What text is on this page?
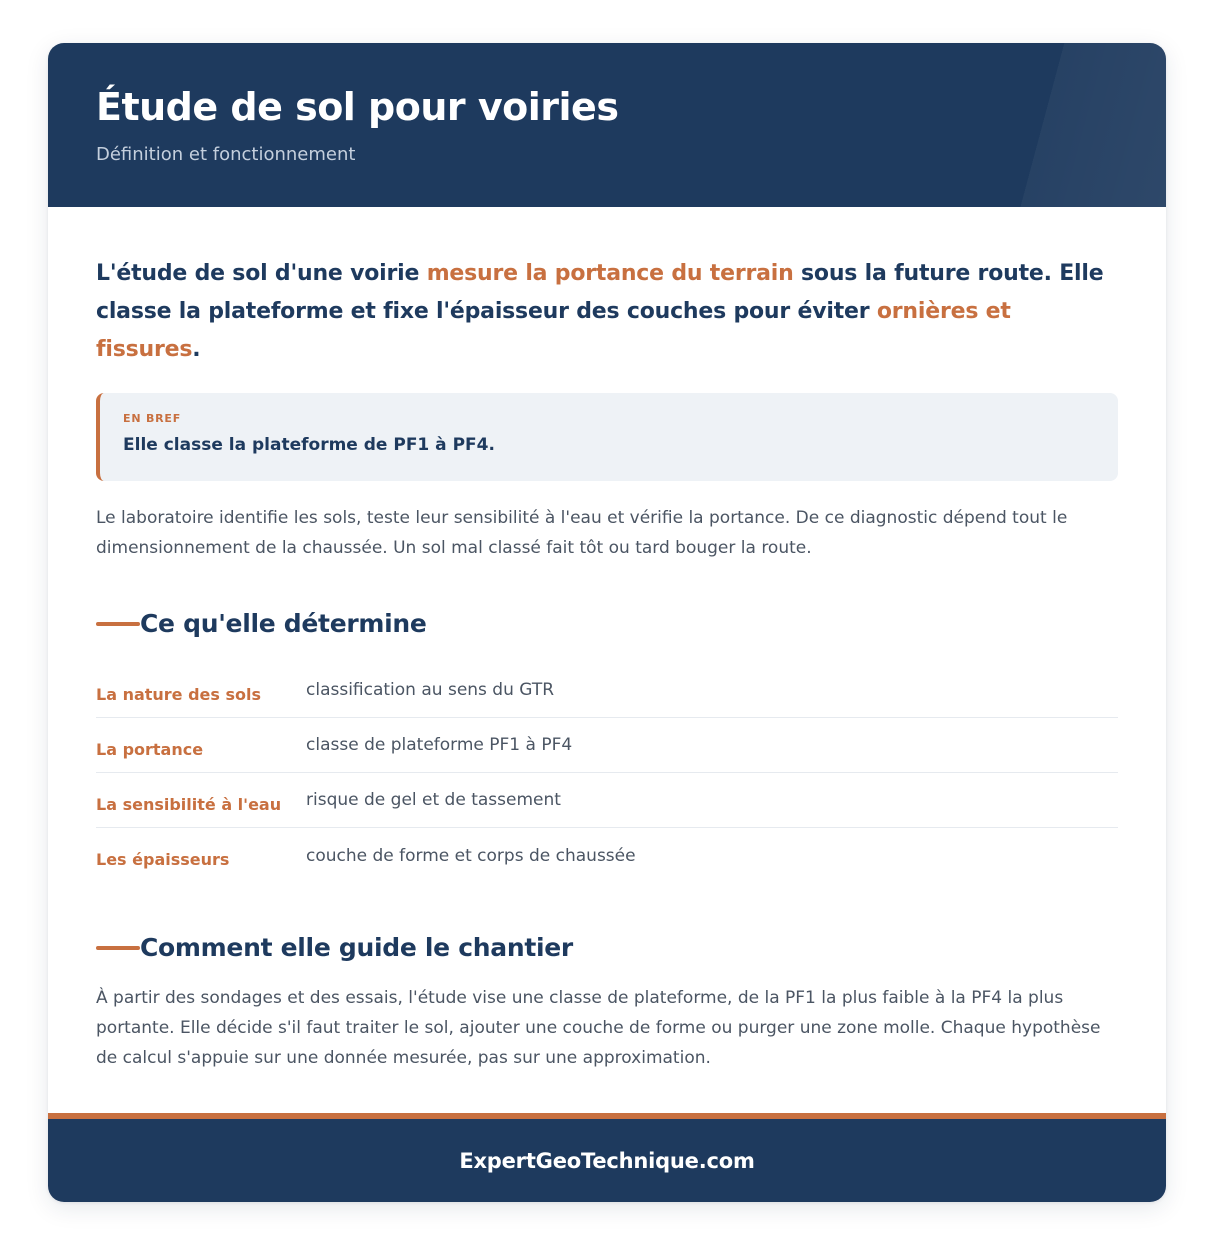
Étude de sol pour voiries
Définition et fonctionnement

L'étude de sol d'une voirie mesure la portance du terrain sous la future route. Elle classe la plateforme et fixe l'épaisseur des couches pour éviter ornières et fissures.

EN BREF
Elle classe la plateforme de PF1 à PF4.

Le laboratoire identifie les sols, teste leur sensibilité à l'eau et vérifie la portance. De ce diagnostic dépend tout le dimensionnement de la chaussée. Un sol mal classé fait tôt ou tard bouger la route.

Ce qu'elle détermine
La nature des sols	classification au sens du GTR
La portance	classe de plateforme PF1 à PF4
La sensibilité à l'eau	risque de gel et de tassement
Les épaisseurs	couche de forme et corps de chaussée
Comment elle guide le chantier

À partir des sondages et des essais, l'étude vise une classe de plateforme, de la PF1 la plus faible à la PF4 la plus portante. Elle décide s'il faut traiter le sol, ajouter une couche de forme ou purger une zone molle. Chaque hypothèse de calcul s'appuie sur une donnée mesurée, pas sur une approximation.

ExpertGeoTechnique.com
